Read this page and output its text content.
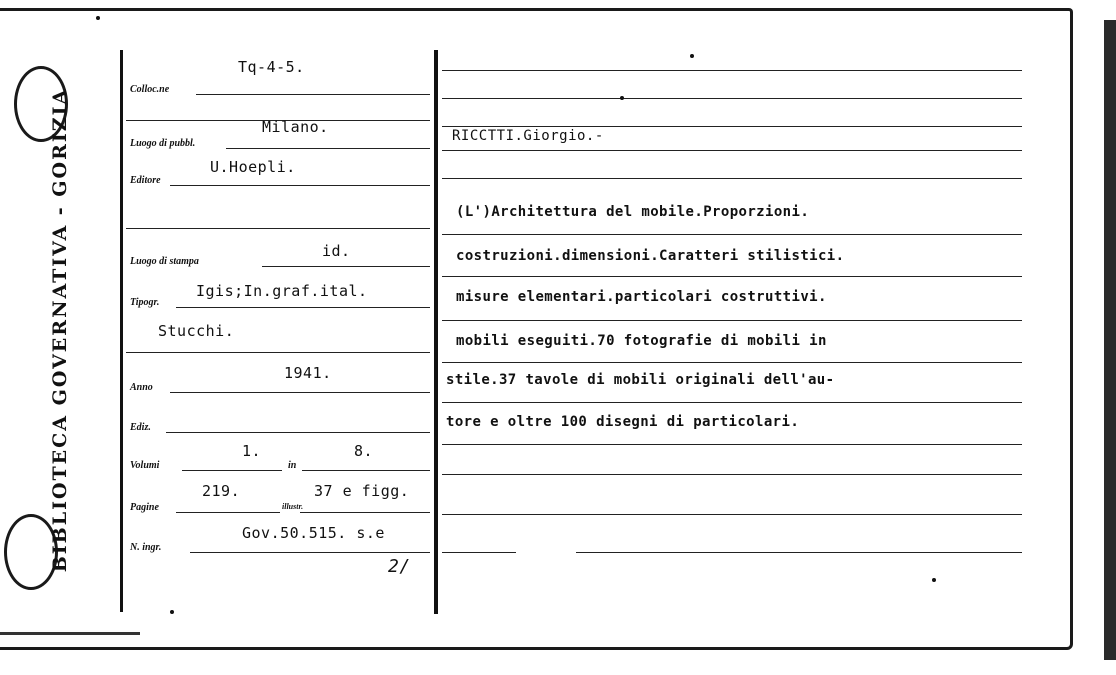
BIBLIOTECA GOVERNATIVA - GORIZIA	Colloc.ne
Tq-4-5.
Luogo di pubbl.
Milano.
Editore
U.Hoepli.
Luogo di stampa
id.
Tipogr.
Igis;In.graf.ital.
Stucchi.
Anno
1941.
Ediz.
Volumi
1.
in
8.
Pagine
219.
illustr.
37 e figg.
N. ingr.
Gov.50.515. s.e
2/
RICCTTI.Giorgio.-
(L')Architettura del mobile.Proporzioni.
costruzioni.dimensioni.Caratteri stilistici.
misure elementari.particolari costruttivi.
mobili eseguiti.70 fotografie di mobili in
stile.37 tavole di mobili originali dell'au-
tore e oltre 100 disegni di particolari.
